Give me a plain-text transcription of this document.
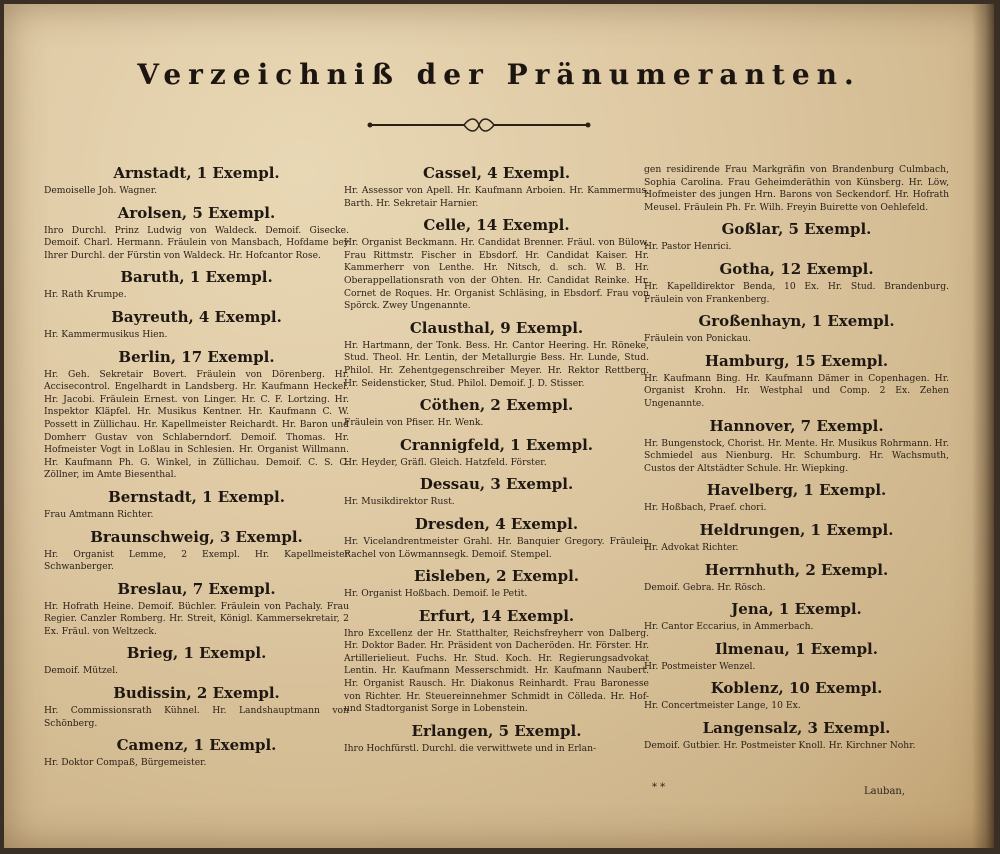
Verzeichniß der Pränumeranten.
Arnstadt, 1 Exempl.
Demoiselle Joh. Wagner.
Arolsen, 5 Exempl.
Ihro Durchl. Prinz Ludwig von Waldeck. Demoif. Gisecke. Demoif. Charl. Hermann. Fräulein von Mansbach, Hofdame bey Ihrer Durchl. der Fürstin von Waldeck. Hr. Hofcantor Rose.
Baruth, 1 Exempl.
Hr. Rath Krumpe.
Bayreuth, 4 Exempl.
Hr. Kammermusikus Hien.
Berlin, 17 Exempl.
Hr. Geh. Sekretair Bovert. Fräulein von Dörenberg. Hr. Accisecontrol. Engelhardt in Landsberg. Hr. Kaufmann Heckel. Hr. Jacobi. Fräulein Ernest. von Linger. Hr. C. F. Lortzing. Hr. Inspektor Kläpfel. Hr. Musikus Kentner. Hr. Kaufmann C. W. Possett in Züllichau. Hr. Kapellmeister Reichardt. Hr. Baron und Domherr Gustav von Schlaberndorf. Demoif. Thomas. Hr. Hofmeister Vogt in Loßlau in Schlesien. Hr. Organist Willmann. Hr. Kaufmann Ph. G. Winkel, in Züllichau. Demoif. C. S. C. Zöllner, im Amte Biesenthal.
Bernstadt, 1 Exempl.
Frau Amtmann Richter.
Braunschweig, 3 Exempl.
Hr. Organist Lemme, 2 Exempl. Hr. Kapellmeister Schwanberger.
Breslau, 7 Exempl.
Hr. Hofrath Heine. Demoif. Büchler. Fräulein von Pachaly. Frau Regier. Canzler Romberg. Hr. Streit, Königl. Kammersekretair, 2 Ex. Fräul. von Weltzeck.
Brieg, 1 Exempl.
Demoif. Mützel.
Budissin, 2 Exempl.
Hr. Commissionsrath Kühnel. Hr. Landshauptmann von Schönberg.
Camenz, 1 Exempl.
Hr. Doktor Compaß, Bürgemeister.
Cassel, 4 Exempl.
Hr. Assessor von Apell. Hr. Kaufmann Arboien. Hr. Kammermus. Barth. Hr. Sekretair Harnier.
Celle, 14 Exempl.
Hr. Organist Beckmann. Hr. Candidat Brenner. Fräul. von Bülow. Frau Rittmstr. Fischer in Ebsdorf. Hr. Candidat Kaiser. Hr. Kammerherr von Lenthe. Hr. Nitsch, d. sch. W. B. Hr. Oberappellationsrath von der Ohten. Hr. Candidat Reinke. Hr. Cornet de Roques. Hr. Organist Schläsing, in Ebsdorf. Frau von Spörck. Zwey Ungenannte.
Clausthal, 9 Exempl.
Hr. Hartmann, der Tonk. Bess. Hr. Cantor Heering. Hr. Röneke, Stud. Theol. Hr. Lentin, der Metallurgie Bess. Hr. Lunde, Stud. Philol. Hr. Zehentgegenschreiber Meyer. Hr. Rektor Rettberg. Hr. Seidensticker, Stud. Philol. Demoif. J. D. Stisser.
Cöthen, 2 Exempl.
Fräulein von Pfiser. Hr. Wenk.
Crannigfeld, 1 Exempl.
Hr. Heyder, Gräfl. Gleich. Hatzfeld. Förster.
Dessau, 3 Exempl.
Hr. Musikdirektor Rust.
Dresden, 4 Exempl.
Hr. Vicelandrentmeister Grahl. Hr. Banquier Gregory. Fräulein Rachel von Löwmannsegk. Demoif. Stempel.
Eisleben, 2 Exempl.
Hr. Organist Hoßbach. Demoif. le Petit.
Erfurt, 14 Exempl.
Ihro Excellenz der Hr. Statthalter, Reichsfreyherr von Dalberg. Hr. Doktor Bader. Hr. Präsident von Dacheröden. Hr. Förster. Hr. Artillerielieut. Fuchs. Hr. Stud. Koch. Hr. Regierungsadvokat Lentin. Hr. Kaufmann Messerschmidt. Hr. Kaufmann Naubert. Hr. Organist Rausch. Hr. Diakonus Reinhardt. Frau Baronesse von Richter. Hr. Steuereinnehmer Schmidt in Cölleda. Hr. Hof- und Stadtorganist Sorge in Lobenstein.
Erlangen, 5 Exempl.
Ihro Hochfürstl. Durchl. die verwittwete und in Erlan-
gen residirende Frau Markgräfin von Brandenburg Culmbach, Sophia Carolina. Frau Geheimderäthin von Künsberg. Hr. Löw, Hofmeister des jungen Hrn. Barons von Seckendorf. Hr. Hofrath Meusel. Fräulein Ph. Fr. Wilh. Freyin Buirette von Oehlefeld.
Goßlar, 5 Exempl.
Hr. Pastor Henrici.
Gotha, 12 Exempl.
Hr. Kapelldirektor Benda, 10 Ex. Hr. Stud. Brandenburg. Fräulein von Frankenberg.
Großenhayn, 1 Exempl.
Fräulein von Ponickau.
Hamburg, 15 Exempl.
Hr. Kaufmann Bing. Hr. Kaufmann Dämer in Copenhagen. Hr. Organist Krohn. Hr. Westphal und Comp. 2 Ex. Zehen Ungenannte.
Hannover, 7 Exempl.
Hr. Bungenstock, Chorist. Hr. Mente. Hr. Musikus Rohrmann. Hr. Schmiedel aus Nienburg. Hr. Schumburg. Hr. Wachsmuth, Custos der Altstädter Schule. Hr. Wiepking.
Havelberg, 1 Exempl.
Hr. Hoßbach, Praef. chori.
Heldrungen, 1 Exempl.
Hr. Advokat Richter.
Herrnhuth, 2 Exempl.
Demoif. Gebra. Hr. Rösch.
Jena, 1 Exempl.
Hr. Cantor Eccarius, in Ammerbach.
Ilmenau, 1 Exempl.
Hr. Postmeister Wenzel.
Koblenz, 10 Exempl.
Hr. Concertmeister Lange, 10 Ex.
Langensalz, 3 Exempl.
Demoif. Gutbier. Hr. Postmeister Knoll. Hr. Kirchner Nohr.
* *	Lauban,
